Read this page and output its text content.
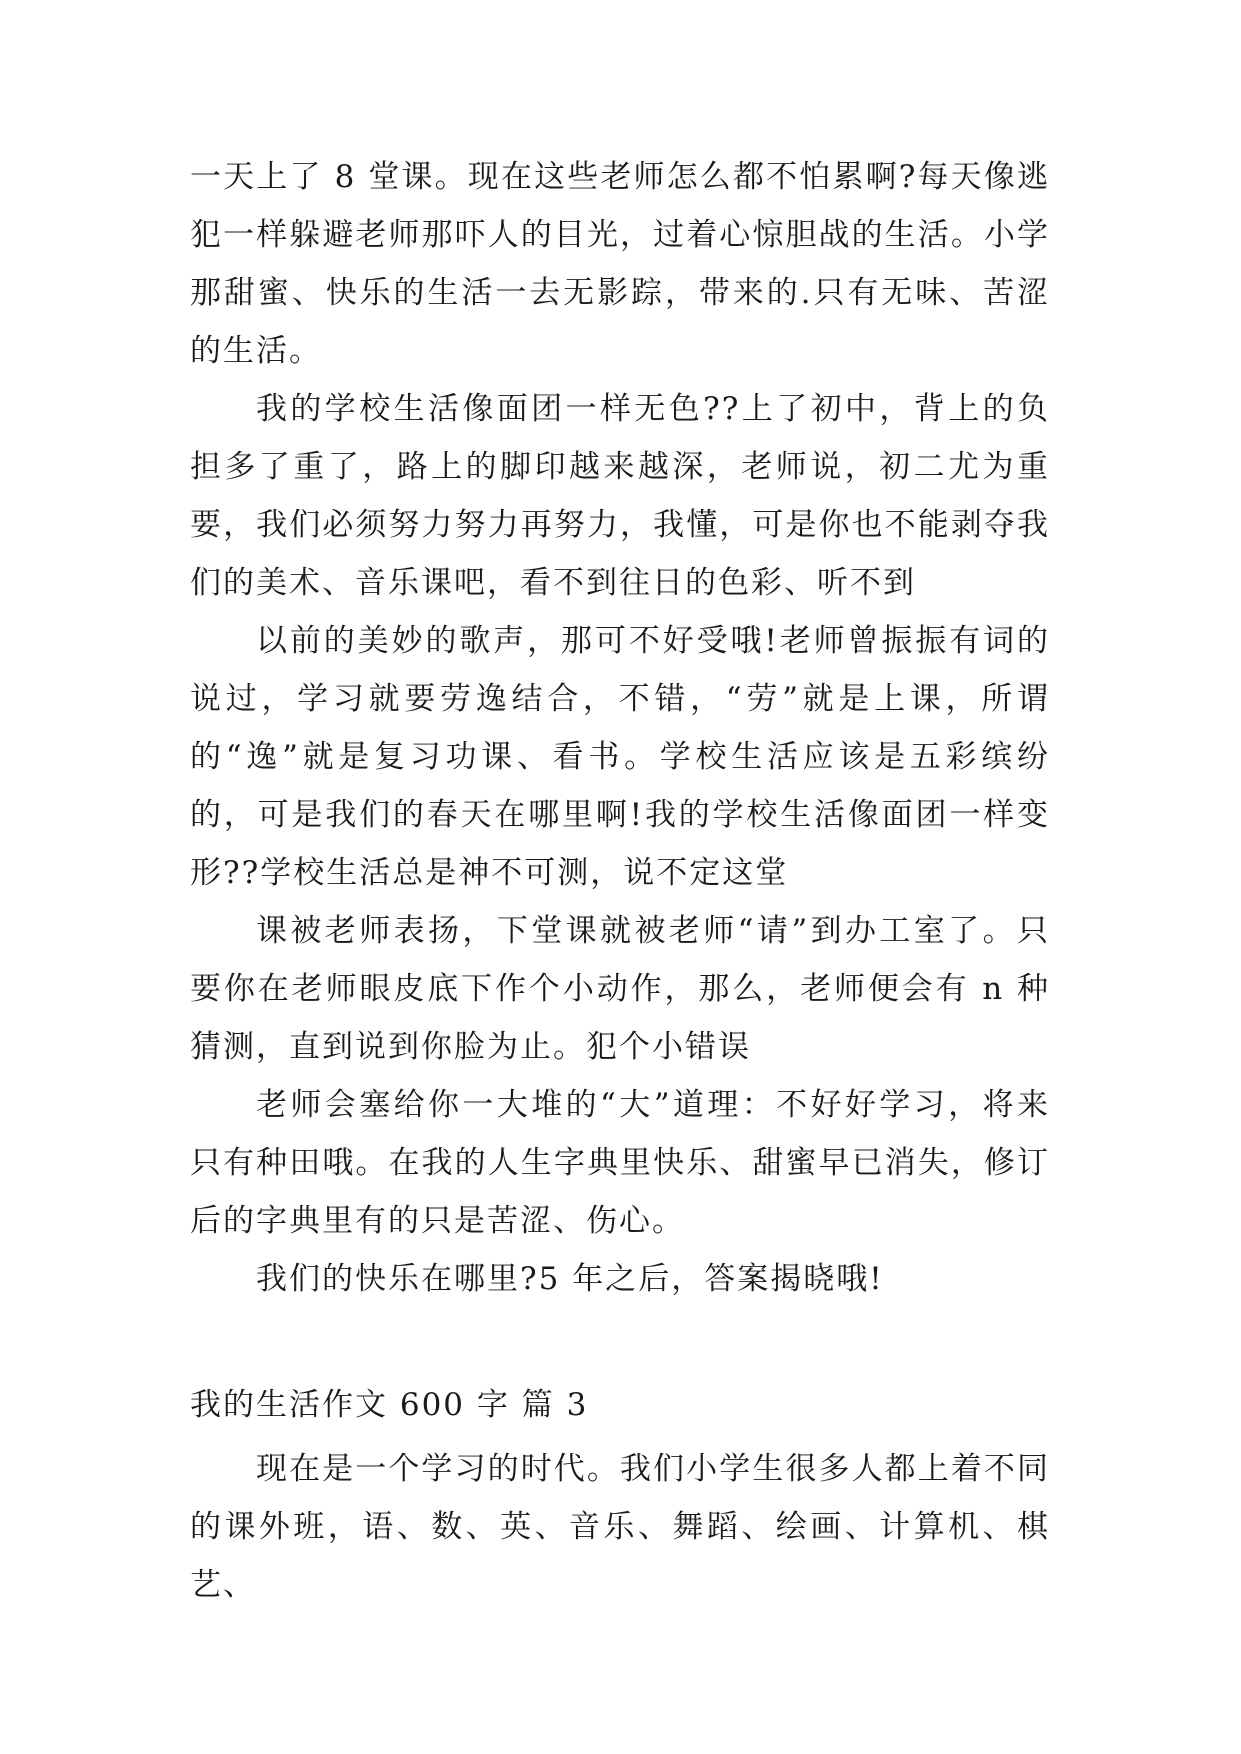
一天上了 8 堂课。现在这些老师怎么都不怕累啊?每天像逃犯一样躲避老师那吓人的目光，过着心惊胆战的生活。小学那甜蜜、快乐的生活一去无影踪，带来的.只有无味、苦涩的生活。

我的学校生活像面团一样无色??上了初中，背上的负担多了重了，路上的脚印越来越深，老师说，初二尤为重要，我们必须努力努力再努力，我懂，可是你也不能剥夺我们的美术、音乐课吧，看不到往日的色彩、听不到

以前的美妙的歌声，那可不好受哦!老师曾振振有词的说过，学习就要劳逸结合，不错，“劳”就是上课，所谓的“逸”就是复习功课、看书。学校生活应该是五彩缤纷的，可是我们的春天在哪里啊!我的学校生活像面团一样变形??学校生活总是神不可测，说不定这堂

课被老师表扬，下堂课就被老师“请”到办工室了。只要你在老师眼皮底下作个小动作，那么，老师便会有 n 种猜测，直到说到你脸为止。犯个小错误

老师会塞给你一大堆的“大”道理：不好好学习，将来只有种田哦。在我的人生字典里快乐、甜蜜早已消失，修订后的字典里有的只是苦涩、伤心。

我们的快乐在哪里?5 年之后，答案揭晓哦!

我的生活作文 600 字 篇 3

现在是一个学习的时代。我们小学生很多人都上着不同的课外班，语、数、英、音乐、舞蹈、绘画、计算机、棋艺、
